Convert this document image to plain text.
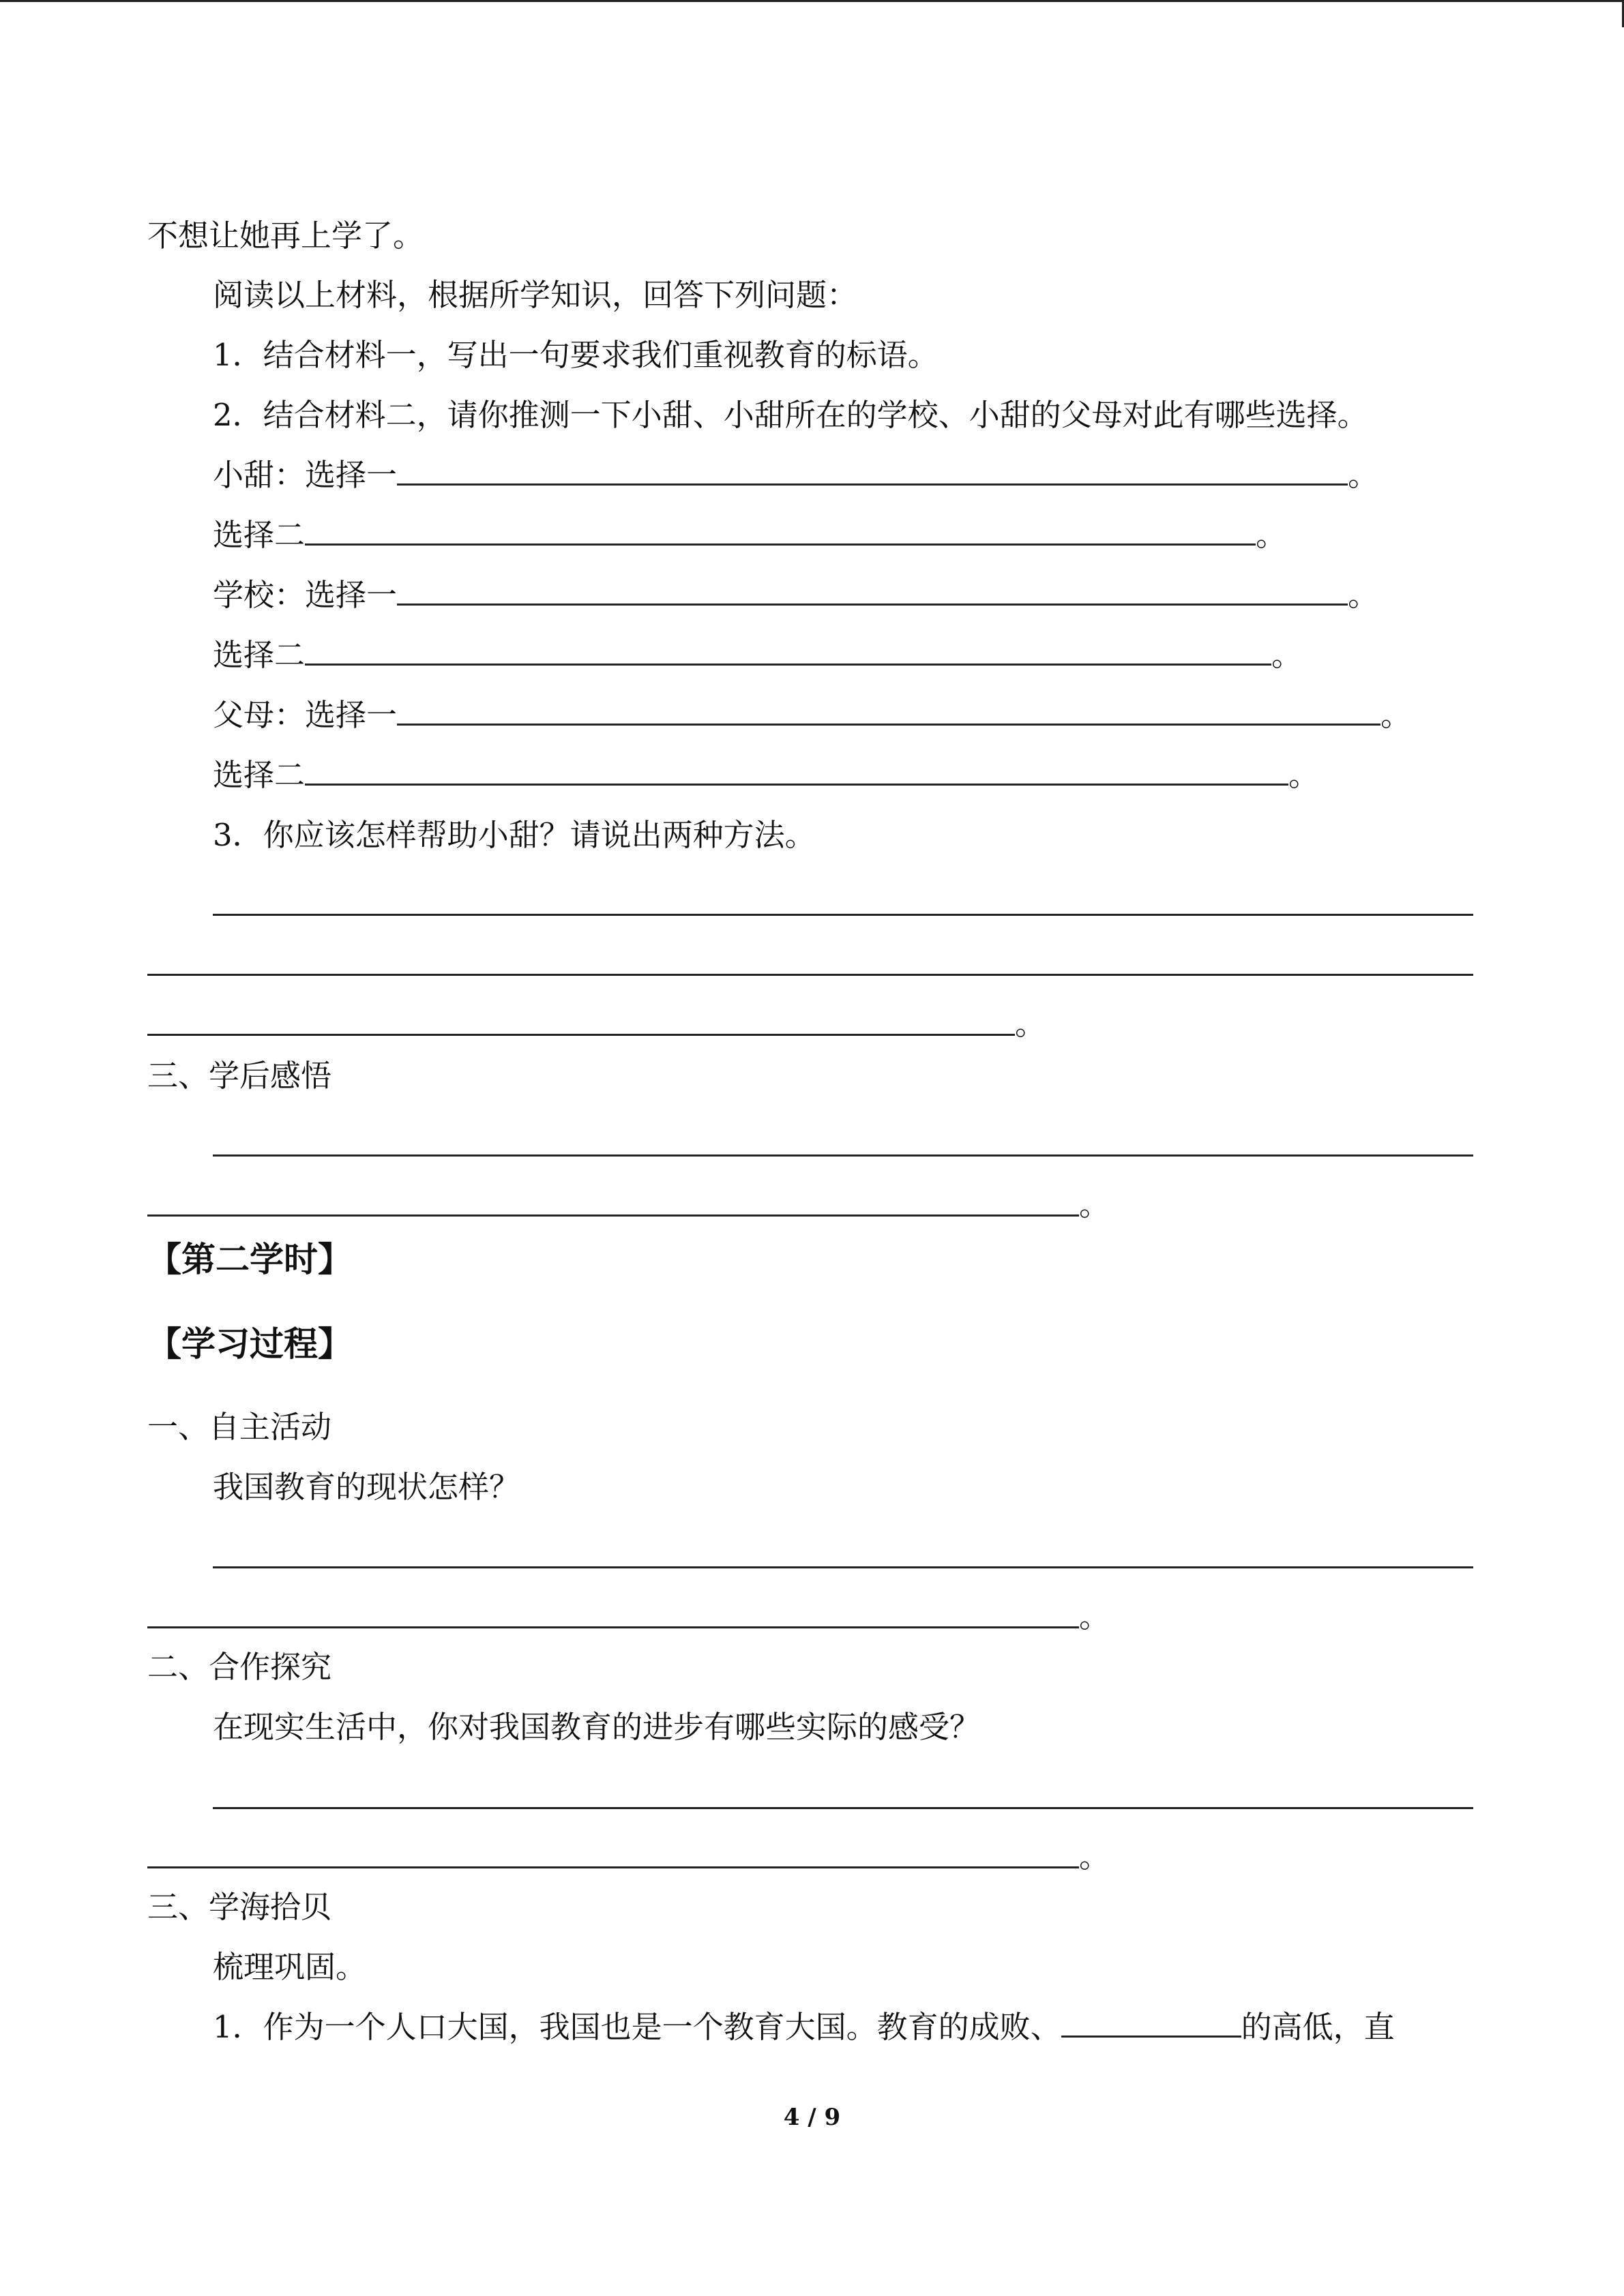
不想让她再上学了。
阅读以上材料，根据所学知识，回答下列问题：
1．结合材料一，写出一句要求我们重视教育的标语。
2．结合材料二，请你推测一下小甜、小甜所在的学校、小甜的父母对此有哪些选择。
小甜：选择一	。
选择二	。
学校：选择一	。
选择二	。
父母：选择一	。
选择二	。
3．你应该怎样帮助小甜？请说出两种方法。
。
三、学后感悟
。
【第二学时】
【学习过程】
一、自主活动
我国教育的现状怎样？
。
二、合作探究
在现实生活中，你对我国教育的进步有哪些实际的感受？
。
三、学海拾贝
梳理巩固。
1．作为一个人口大国，我国也是一个教育大国。教育的成败、	的高低，直
4 / 9
